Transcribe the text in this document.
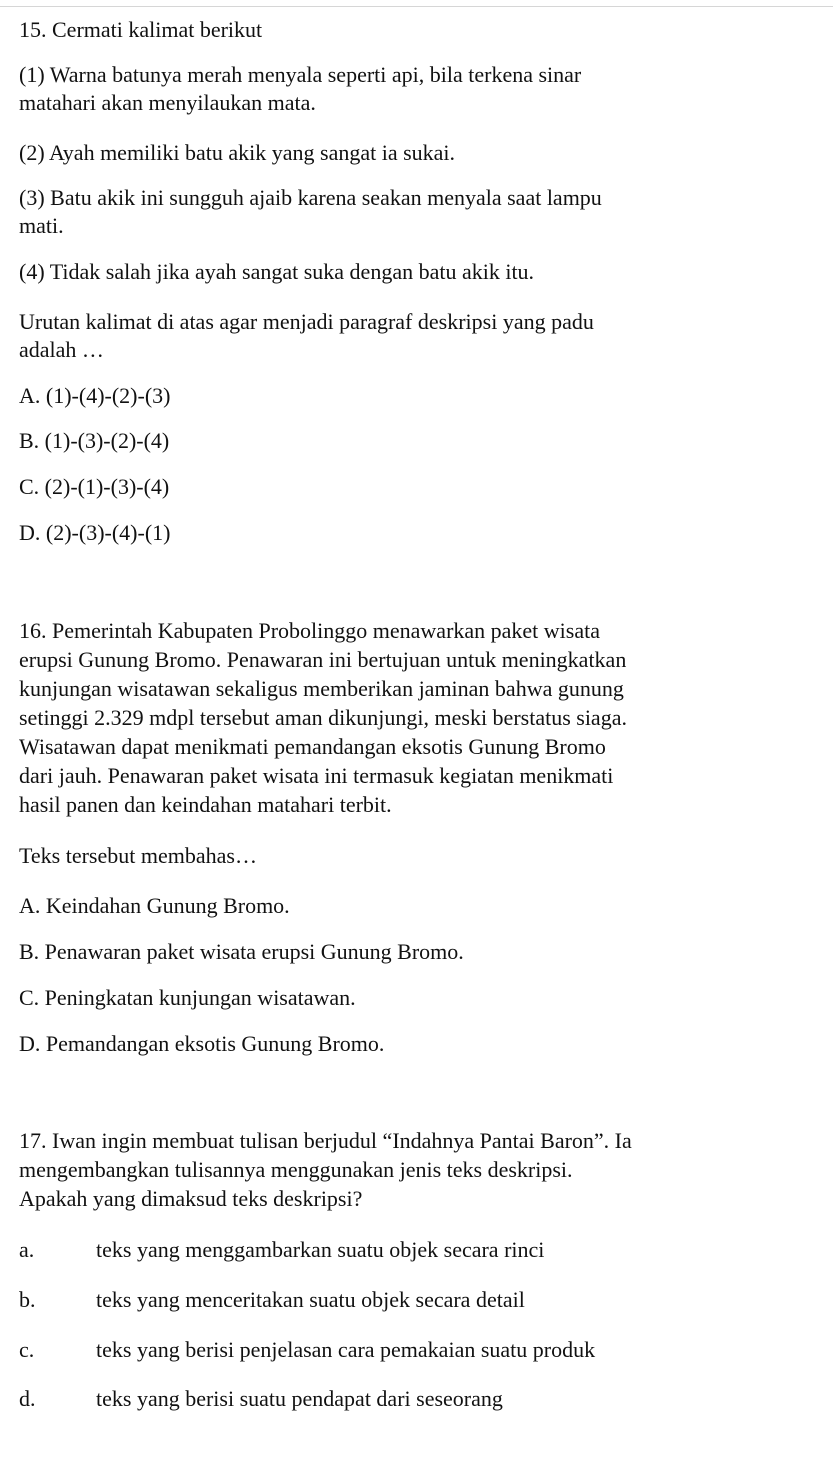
15. Cermati kalimat berikut
(1) Warna batunya merah menyala seperti api, bila terkena sinar
matahari akan menyilaukan mata.
(2) Ayah memiliki batu akik yang sangat ia sukai.
(3) Batu akik ini sungguh ajaib karena seakan menyala saat lampu
mati.
(4) Tidak salah jika ayah sangat suka dengan batu akik itu.
Urutan kalimat di atas agar menjadi paragraf deskripsi yang padu
adalah …
A. (1)-(4)-(2)-(3)
B. (1)-(3)-(2)-(4)
C. (2)-(1)-(3)-(4)
D. (2)-(3)-(4)-(1)
16. Pemerintah Kabupaten Probolinggo menawarkan paket wisata
erupsi Gunung Bromo. Penawaran ini bertujuan untuk meningkatkan
kunjungan wisatawan sekaligus memberikan jaminan bahwa gunung
setinggi 2.329 mdpl tersebut aman dikunjungi, meski berstatus siaga.
Wisatawan dapat menikmati pemandangan eksotis Gunung Bromo
dari jauh. Penawaran paket wisata ini termasuk kegiatan menikmati
hasil panen dan keindahan matahari terbit.
Teks tersebut membahas…
A. Keindahan Gunung Bromo.
B. Penawaran paket wisata erupsi Gunung Bromo.
C. Peningkatan kunjungan wisatawan.
D. Pemandangan eksotis Gunung Bromo.
17. Iwan ingin membuat tulisan berjudul “Indahnya Pantai Baron”. Ia
mengembangkan tulisannya menggunakan jenis teks deskripsi.
Apakah yang dimaksud teks deskripsi?
a.	teks yang menggambarkan suatu objek secara rinci
b.	teks yang menceritakan suatu objek secara detail
c.	teks yang berisi penjelasan cara pemakaian suatu produk
d.	teks yang berisi suatu pendapat dari seseorang
